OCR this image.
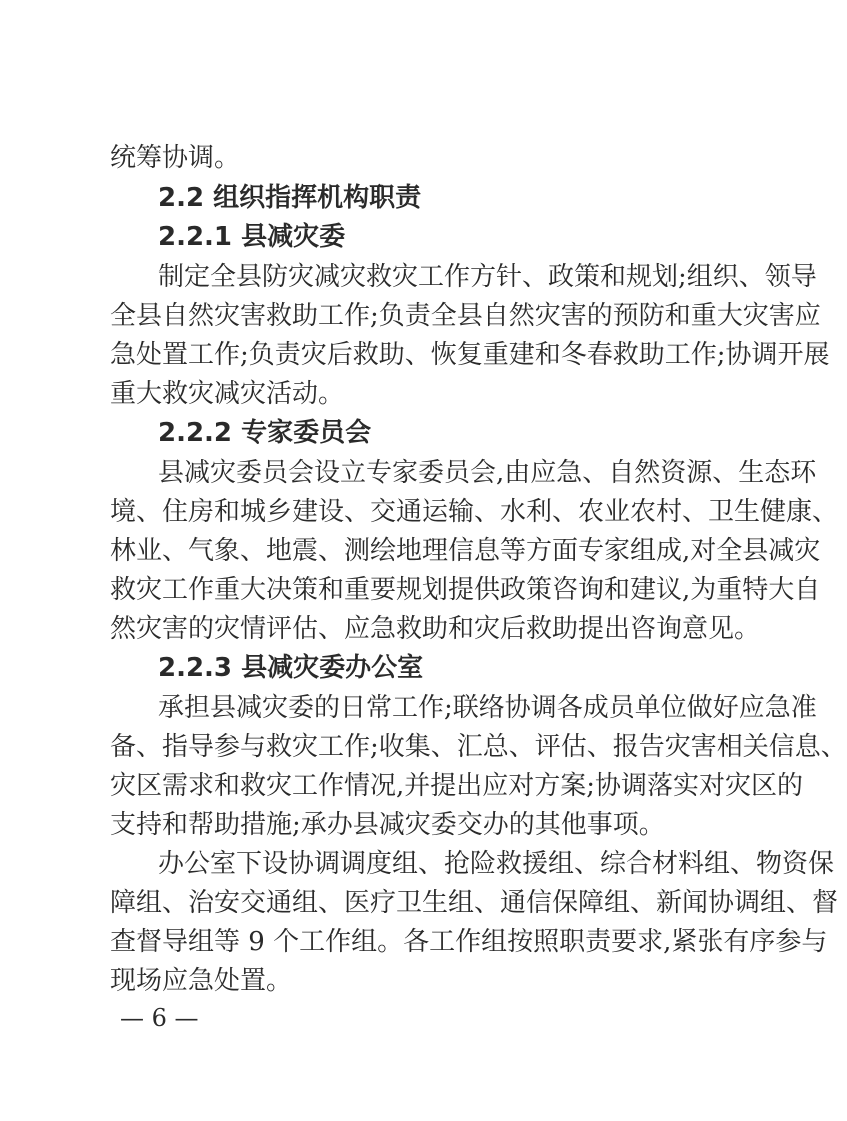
统筹协调。
2.2 组织指挥机构职责
2.2.1 县减灾委
制定全县防灾减灾救灾工作方针、政策和规划;组织、领导
全县自然灾害救助工作;负责全县自然灾害的预防和重大灾害应
急处置工作;负责灾后救助、恢复重建和冬春救助工作;协调开展
重大救灾减灾活动。
2.2.2 专家委员会
县减灾委员会设立专家委员会,由应急、自然资源、生态环
境、住房和城乡建设、交通运输、水利、农业农村、卫生健康、
林业、气象、地震、测绘地理信息等方面专家组成,对全县减灾
救灾工作重大决策和重要规划提供政策咨询和建议,为重特大自
然灾害的灾情评估、应急救助和灾后救助提出咨询意见。
2.2.3 县减灾委办公室
承担县减灾委的日常工作;联络协调各成员单位做好应急准
备、指导参与救灾工作;收集、汇总、评估、报告灾害相关信息、
灾区需求和救灾工作情况,并提出应对方案;协调落实对灾区的
支持和帮助措施;承办县减灾委交办的其他事项。
办公室下设协调调度组、抢险救援组、综合材料组、物资保
障组、治安交通组、医疗卫生组、通信保障组、新闻协调组、督
查督导组等 9 个工作组。各工作组按照职责要求,紧张有序参与
现场应急处置。
— 6 —
